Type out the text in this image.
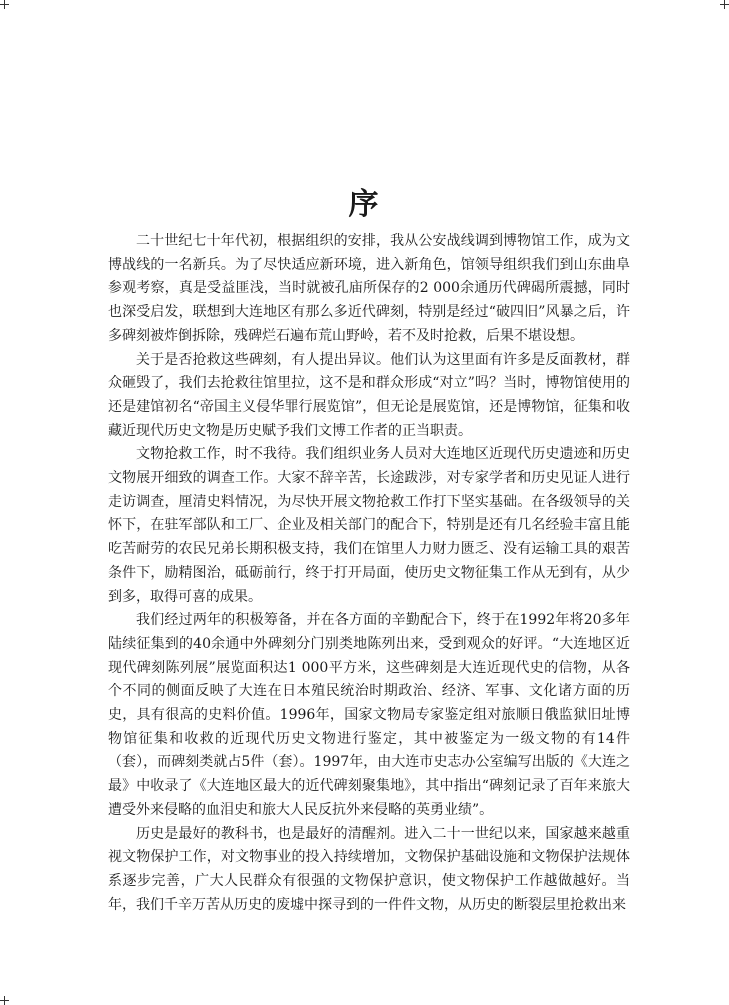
序

二十世纪七十年代初，根据组织的安排，我从公安战线调到博物馆工作，成为文博战线的一名新兵。为了尽快适应新环境，进入新角色，馆领导组织我们到山东曲阜参观考察，真是受益匪浅，当时就被孔庙所保存的2 000余通历代碑碣所震撼，同时也深受启发，联想到大连地区有那么多近代碑刻，特别是经过“破四旧”风暴之后，许多碑刻被炸倒拆除，残碑烂石遍布荒山野岭，若不及时抢救，后果不堪设想。

关于是否抢救这些碑刻，有人提出异议。他们认为这里面有许多是反面教材，群众砸毁了，我们去抢救往馆里拉，这不是和群众形成“对立”吗？当时，博物馆使用的还是建馆初名“帝国主义侵华罪行展览馆”，但无论是展览馆，还是博物馆，征集和收藏近现代历史文物是历史赋予我们文博工作者的正当职责。

文物抢救工作，时不我待。我们组织业务人员对大连地区近现代历史遗迹和历史文物展开细致的调查工作。大家不辞辛苦，长途跋涉，对专家学者和历史见证人进行走访调查，厘清史料情况，为尽快开展文物抢救工作打下坚实基础。在各级领导的关怀下，在驻军部队和工厂、企业及相关部门的配合下，特别是还有几名经验丰富且能吃苦耐劳的农民兄弟长期积极支持，我们在馆里人力财力匮乏、没有运输工具的艰苦条件下，励精图治，砥砺前行，终于打开局面，使历史文物征集工作从无到有，从少到多，取得可喜的成果。

我们经过两年的积极筹备，并在各方面的辛勤配合下，终于在1992年将20多年陆续征集到的40余通中外碑刻分门别类地陈列出来，受到观众的好评。“大连地区近现代碑刻陈列展”展览面积达1 000平方米，这些碑刻是大连近现代史的信物，从各个不同的侧面反映了大连在日本殖民统治时期政治、经济、军事、文化诸方面的历史，具有很高的史料价值。1996年，国家文物局专家鉴定组对旅顺日俄监狱旧址博物馆征集和收救的近现代历史文物进行鉴定，其中被鉴定为一级文物的有14件（套），而碑刻类就占5件（套）。1997年，由大连市史志办公室编写出版的《大连之最》中收录了《大连地区最大的近代碑刻聚集地》，其中指出“碑刻记录了百年来旅大遭受外来侵略的血泪史和旅大人民反抗外来侵略的英勇业绩”。

历史是最好的教科书，也是最好的清醒剂。进入二十一世纪以来，国家越来越重视文物保护工作，对文物事业的投入持续增加，文物保护基础设施和文物保护法规体系逐步完善，广大人民群众有很强的文物保护意识，使文物保护工作越做越好。当年，我们千辛万苦从历史的废墟中探寻到的一件件文物，从历史的断裂层里抢救出来
